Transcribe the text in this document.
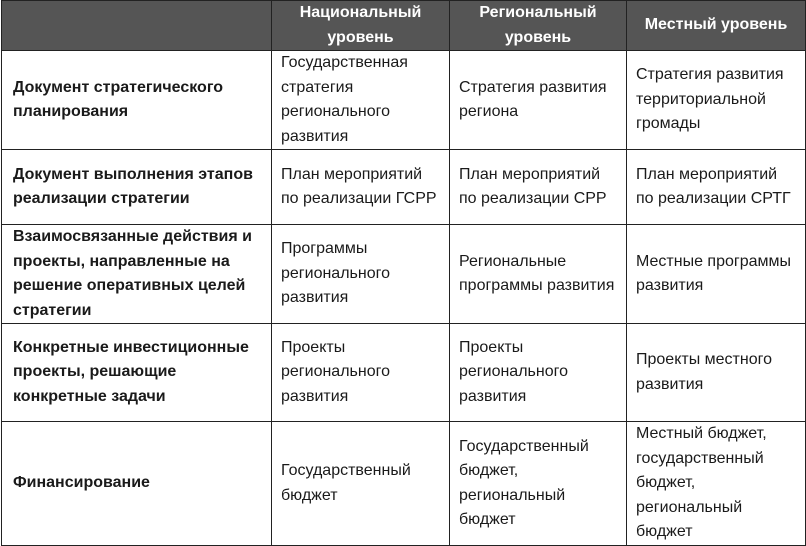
	Национальный уровень	Региональный уровень	Местный уровень
Документ стратегического планирования	Государственная стратегия регионального развития	Стратегия развития региона	Стратегия развития территориальной громады
Документ выполнения этапов реализации стратегии	План мероприятий по реализации ГСРР	План мероприятий по реализации СРР	План мероприятий по реализации СРТГ
Взаимосвязанные действия и проекты, направленные на решение оперативных целей стратегии	Программы регионального развития	Региональные программы развития	Местные программы развития
Конкретные инвестиционные проекты, решающие конкретные задачи	Проекты регионального развития	Проекты регионального развития	Проекты местного развития
Финансирование	Государственный бюджет	Государственный бюджет, региональный бюджет	Местный бюджет, государственный бюджет, региональный бюджет
